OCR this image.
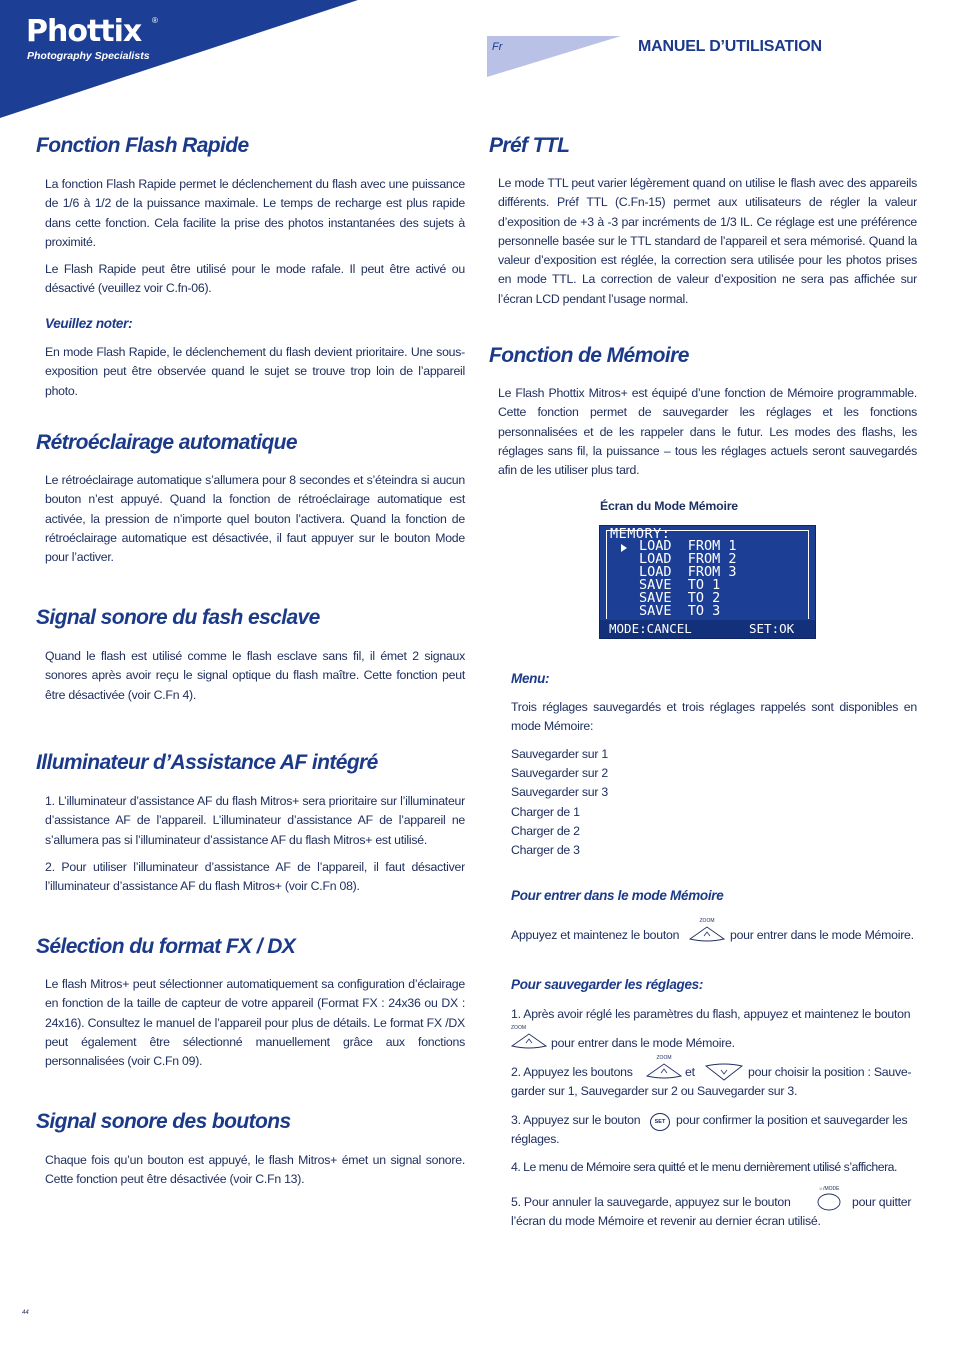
Phottix ®
Photography Specialists
Fr	MANUEL D’UTILISATION
Fonction Flash Rapide
La fonction Flash Rapide permet le déclenchement du flash avec une puissance de 1/6 à 1/2 de la puissance maximale. Le temps de recharge est plus rapide dans cette fonction. Cela facilite la prise des photos instantanées des sujets à proximité.
Le Flash Rapide peut être utilisé pour le mode rafale. Il peut être activé ou désactivé (veuillez voir C.fn-06).
Veuillez noter:
En mode Flash Rapide, le déclenchement du flash devient prioritaire. Une sous-exposition peut être observée quand le sujet se trouve trop loin de l’appareil photo.
Rétroéclairage automatique
Le rétroéclairage automatique s’allumera pour 8 secondes et s’éteindra si aucun bouton n’est appuyé. Quand la fonction de rétroéclairage automatique est activée, la pression de n’importe quel bouton l’activera. Quand la fonction de rétroéclairage automatique est désactivée, il faut appuyer sur le bouton Mode pour l’activer.
Signal sonore du fash esclave
Quand le flash est utilisé comme le flash esclave sans fil, il émet 2 signaux sonores après avoir reçu le signal optique du flash maître. Cette fonction peut être désactivée (voir C.Fn 4).
Illuminateur d’Assistance AF intégré
1. L’illuminateur d’assistance AF du flash Mitros+ sera prioritaire sur l’illuminateur d’assistance AF de l’appareil. L’illuminateur d’assistance AF de l’appareil ne s’allumera pas si l’illuminateur d’assistance AF du flash Mitros+ est utilisé.
2. Pour utiliser l’illuminateur d’assistance AF de l’appareil, il faut désactiver l’illuminateur d’assistance AF du flash Mitros+ (voir C.Fn 08).
Sélection du format FX / DX
Le flash Mitros+ peut sélectionner automatiquement sa configuration d’éclairage en fonction de la taille de capteur de votre appareil (Format FX : 24x36 ou DX : 24x16). Consultez le manuel de l’appareil pour plus de détails. Le format FX /DX peut également être sélectionné manuellement grâce aux fonctions personnalisées (voir C.Fn 09).
Signal sonore des boutons
Chaque fois qu’un bouton est appuyé, le flash Mitros+ émet un signal sonore. Cette fonction peut être désactivée (voir C.Fn 13).
Préf TTL
Le mode TTL peut varier légèrement quand on utilise le flash avec des appareils différents. Préf TTL (C.Fn-15) permet aux utilisateurs de régler la valeur d’exposition de +3 à -3 par incréments de 1/3 IL. Ce réglage est une préférence personnelle basée sur le TTL standard de l’appareil et sera mémorisé. Quand la valeur d’exposition est réglée, la correction sera utilisée pour les photos prises en mode TTL. La correction de valeur d’exposition ne sera pas affichée sur l’écran LCD pendant l’usage normal.
Fonction de Mémoire
Le Flash Phottix Mitros+ est équipé d’une fonction de Mémoire programmable. Cette fonction permet de sauvegarder les réglages et les fonctions personnalisées et de les rappeler dans le futur. Les modes des flashs, les réglages sans fil, la puissance – tous les réglages actuels seront sauvegardés afin de les utiliser plus tard.
Écran du Mode Mémoire
MEMORY:
LOAD  FROM 1
LOAD  FROM 2
LOAD  FROM 3
SAVE  TO 1
SAVE  TO 2
SAVE  TO 3
MODE:CANCEL	SET:OK
Menu:
Trois réglages sauvegardés et trois réglages rappelés sont disponibles en mode Mémoire:
Sauvegarder sur 1
Sauvegarder sur 2
Sauvegarder sur 3
Charger de 1
Charger de 2
Charger de 3
Pour entrer dans le mode Mémoire
Appuyez et maintenez le bouton
ZOOM
pour entrer dans le mode Mémoire.
Pour sauvegarder les réglages:
1. Après avoir réglé les paramètres du flash, appuyez et maintenez le bouton
ZOOM
pour entrer dans le mode Mémoire.
2. Appuyez les boutons
ZOOM
et	pour choisir la position : Sauve-
garder sur 1, Sauvegarder sur 2 ou Sauvegarder sur 3.
3. Appuyez sur le bouton	SET pour confirmer la position et sauvegarder les
réglages.
4. Le menu de Mémoire sera quitté et le menu dernièrement utilisé s’affichera.
5. Pour annuler la sauvegarde, appuyez sur le bouton
☼/MODE
pour quitter
l’écran du mode Mémoire et revenir au dernier écran utilisé.
44
